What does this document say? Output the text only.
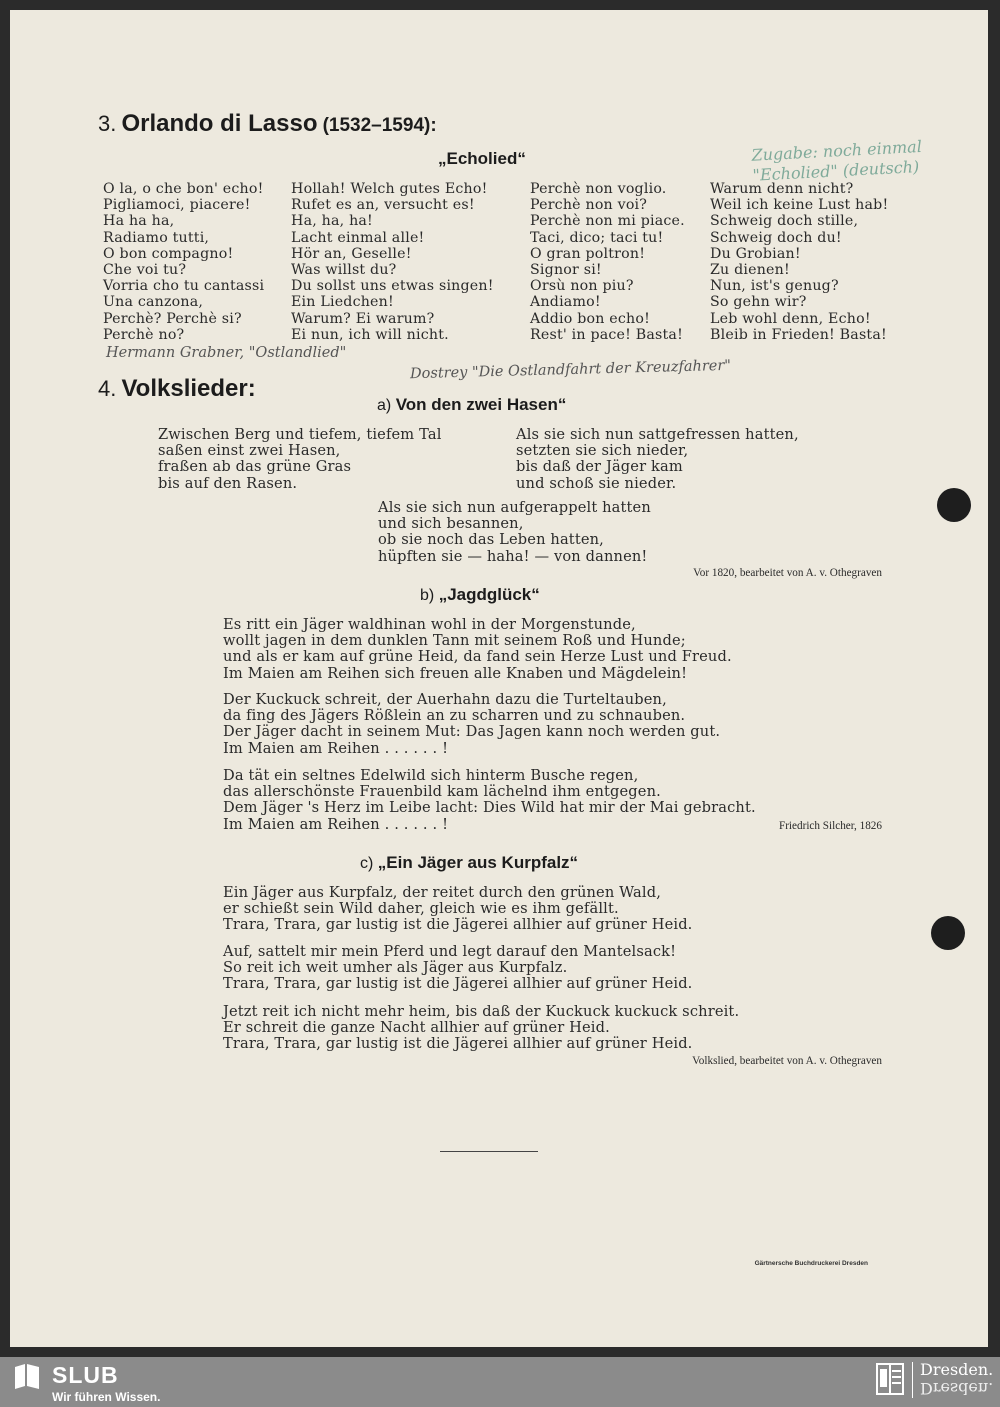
3. Orlando di Lasso (1532–1594):
„Echolied“	Zugabe: noch einmal "Echolied" (deutsch)
O la, o che bon' echo!
Pigliamoci, piacere!
Ha ha ha,
Radiamo tutti,
O bon compagno!
Che voi tu?
Vorria cho tu cantassi
Una canzona,
Perchè? Perchè si?
Perchè no?
Hollah! Welch gutes Echo!
Rufet es an, versucht es!
Ha, ha, ha!
Lacht einmal alle!
Hör an, Geselle!
Was willst du?
Du sollst uns etwas singen!
Ein Liedchen!
Warum? Ei warum?
Ei nun, ich will nicht.
Perchè non voglio.
Perchè non voi?
Perchè non mi piace.
Taci, dico; taci tu!
O gran poltron!
Signor si!
Orsù non piu?
Andiamo!
Addio bon echo!
Rest' in pace! Basta!
Warum denn nicht?
Weil ich keine Lust hab!
Schweig doch stille,
Schweig doch du!
Du Grobian!
Zu dienen!
Nun, ist's genug?
So gehn wir?
Leb wohl denn, Echo!
Bleib in Frieden! Basta!
Hermann Grabner, "Ostlandlied"
Dostrey "Die Ostlandfahrt der Kreuzfahrer"
4. Volkslieder:
a) Von den zwei Hasen“
Zwischen Berg und tiefem, tiefem Tal
saßen einst zwei Hasen,
fraßen ab das grüne Gras
bis auf den Rasen.
Als sie sich nun sattgefressen hatten,
setzten sie sich nieder,
bis daß der Jäger kam
und schoß sie nieder.
Als sie sich nun aufgerappelt hatten
und sich besannen,
ob sie noch das Leben hatten,
hüpften sie — haha! — von dannen!
Vor 1820, bearbeitet von A. v. Othegraven
b) „Jagdglück“
Es ritt ein Jäger waldhinan wohl in der Morgenstunde,
wollt jagen in dem dunklen Tann mit seinem Roß und Hunde;
und als er kam auf grüne Heid, da fand sein Herze Lust und Freud.
Im Maien am Reihen sich freuen alle Knaben und Mägdelein!
Der Kuckuck schreit, der Auerhahn dazu die Turteltauben,
da fing des Jägers Rößlein an zu scharren und zu schnauben.
Der Jäger dacht in seinem Mut: Das Jagen kann noch werden gut.
Im Maien am Reihen . . . . . . !
Da tät ein seltnes Edelwild sich hinterm Busche regen,
das allerschönste Frauenbild kam lächelnd ihm entgegen.
Dem Jäger 's Herz im Leibe lacht: Dies Wild hat mir der Mai gebracht.
Im Maien am Reihen . . . . . . !	Friedrich Silcher, 1826
c) „Ein Jäger aus Kurpfalz“
Ein Jäger aus Kurpfalz, der reitet durch den grünen Wald,
er schießt sein Wild daher, gleich wie es ihm gefällt.
Trara, Trara, gar lustig ist die Jägerei allhier auf grüner Heid.
Auf, sattelt mir mein Pferd und legt darauf den Mantelsack!
So reit ich weit umher als Jäger aus Kurpfalz.
Trara, Trara, gar lustig ist die Jägerei allhier auf grüner Heid.
Jetzt reit ich nicht mehr heim, bis daß der Kuckuck kuckuck schreit.
Er schreit die ganze Nacht allhier auf grüner Heid.
Trara, Trara, gar lustig ist die Jägerei allhier auf grüner Heid.
Volkslied, bearbeitet von A. v. Othegraven
Gärtnersche Buchdruckerei Dresden
SLUB
Wir führen Wissen.
Dresden.
Dresden.
